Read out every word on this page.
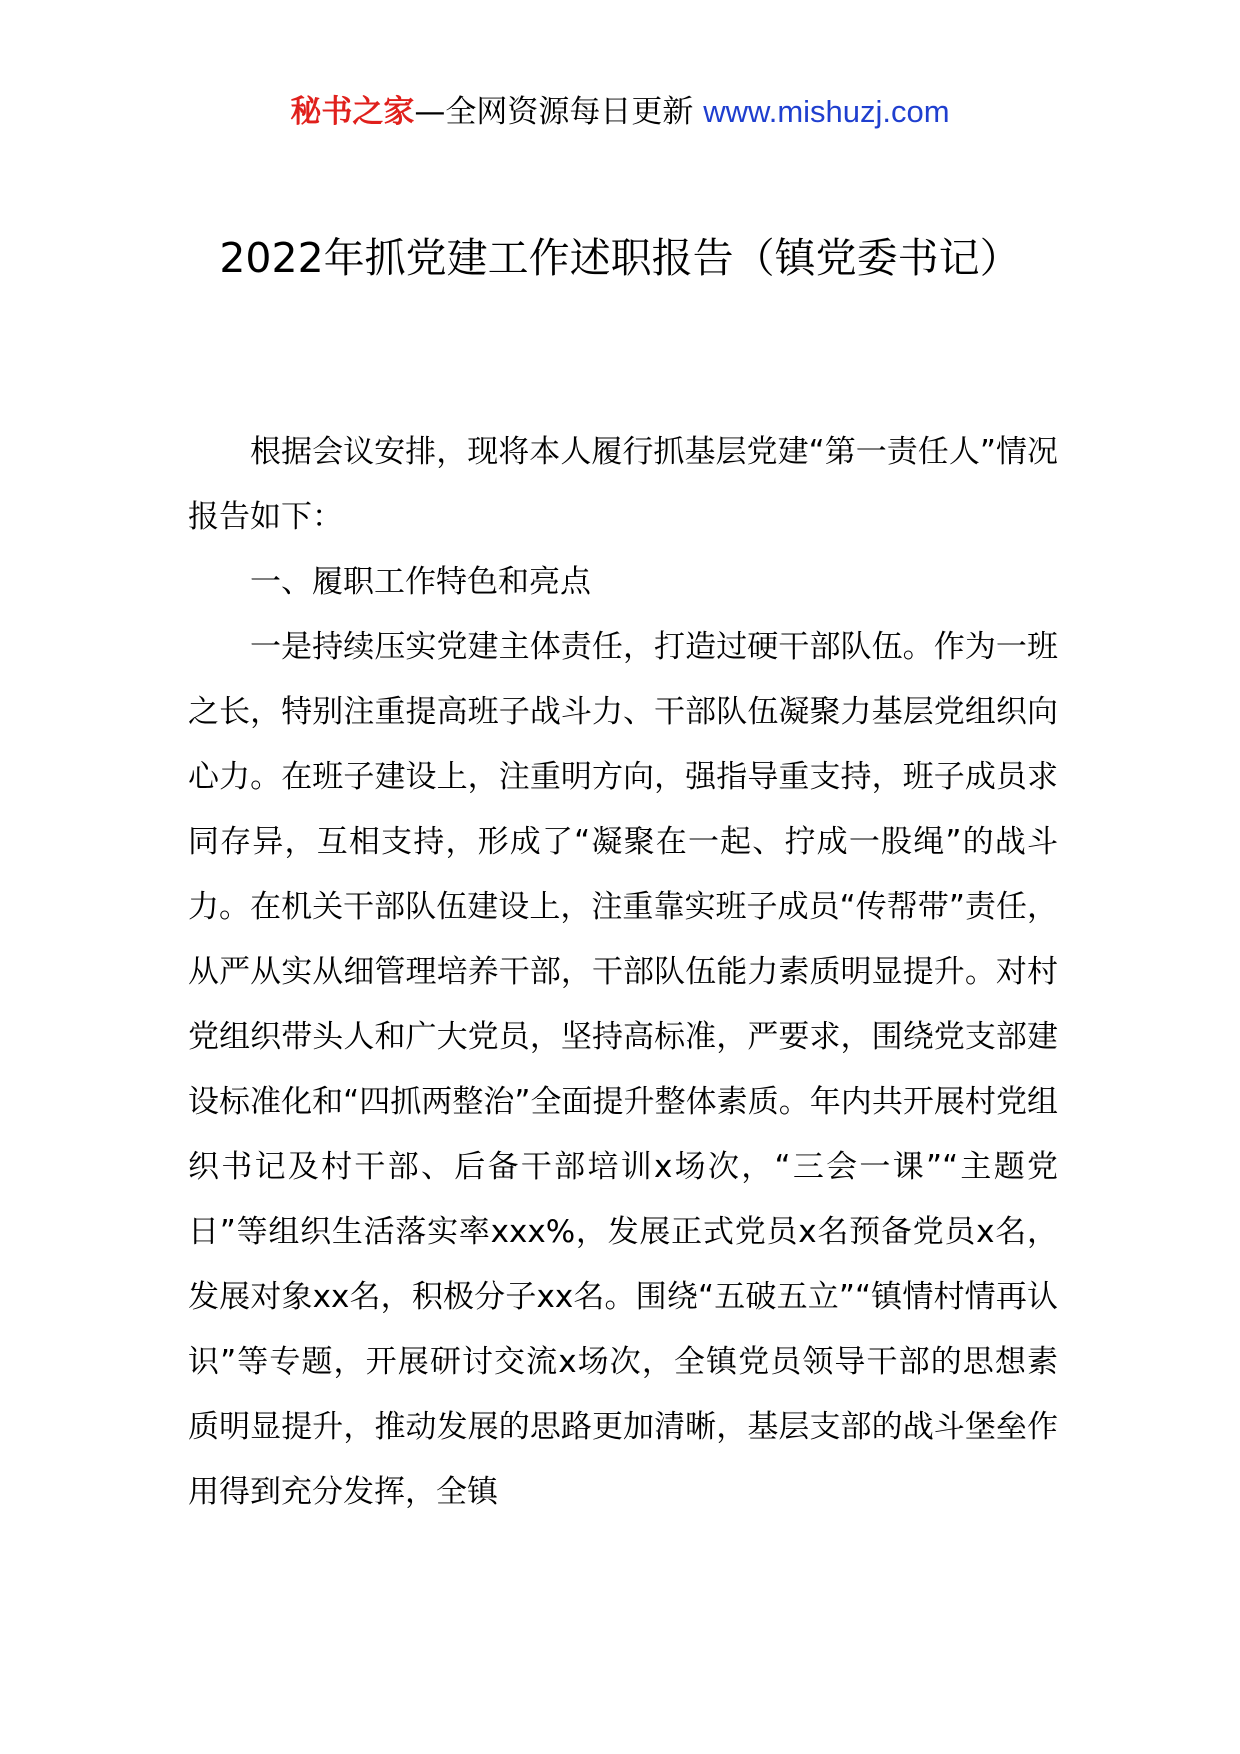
秘书之家—全网资源每日更新 www.mishuzj.com
2022年抓党建工作述职报告（镇党委书记）

根据会议安排，现将本人履行抓基层党建“第一责任人”情况报告如下：

一、履职工作特色和亮点

一是持续压实党建主体责任，打造过硬干部队伍。作为一班之长，特别注重提高班子战斗力、干部队伍凝聚力基层党组织向心力。在班子建设上，注重明方向，强指导重支持，班子成员求同存异，互相支持，形成了“凝聚在一起、拧成一股绳”的战斗力。在机关干部队伍建设上，注重靠实班子成员“传帮带”责任，从严从实从细管理培养干部，干部队伍能力素质明显提升。对村党组织带头人和广大党员，坚持高标准，严要求，围绕党支部建设标准化和“四抓两整治”全面提升整体素质。年内共开展村党组织书记及村干部、后备干部培训x场次，“三会一课”“主题党日”等组织生活落实率xxx%，发展正式党员x名预备党员x名，发展对象xx名，积极分子xx名。围绕“五破五立”“镇情村情再认识”等专题，开展研讨交流x场次，全镇党员领导干部的思想素质明显提升，推动发展的思路更加清晰，基层支部的战斗堡垒作用得到充分发挥，全镇
